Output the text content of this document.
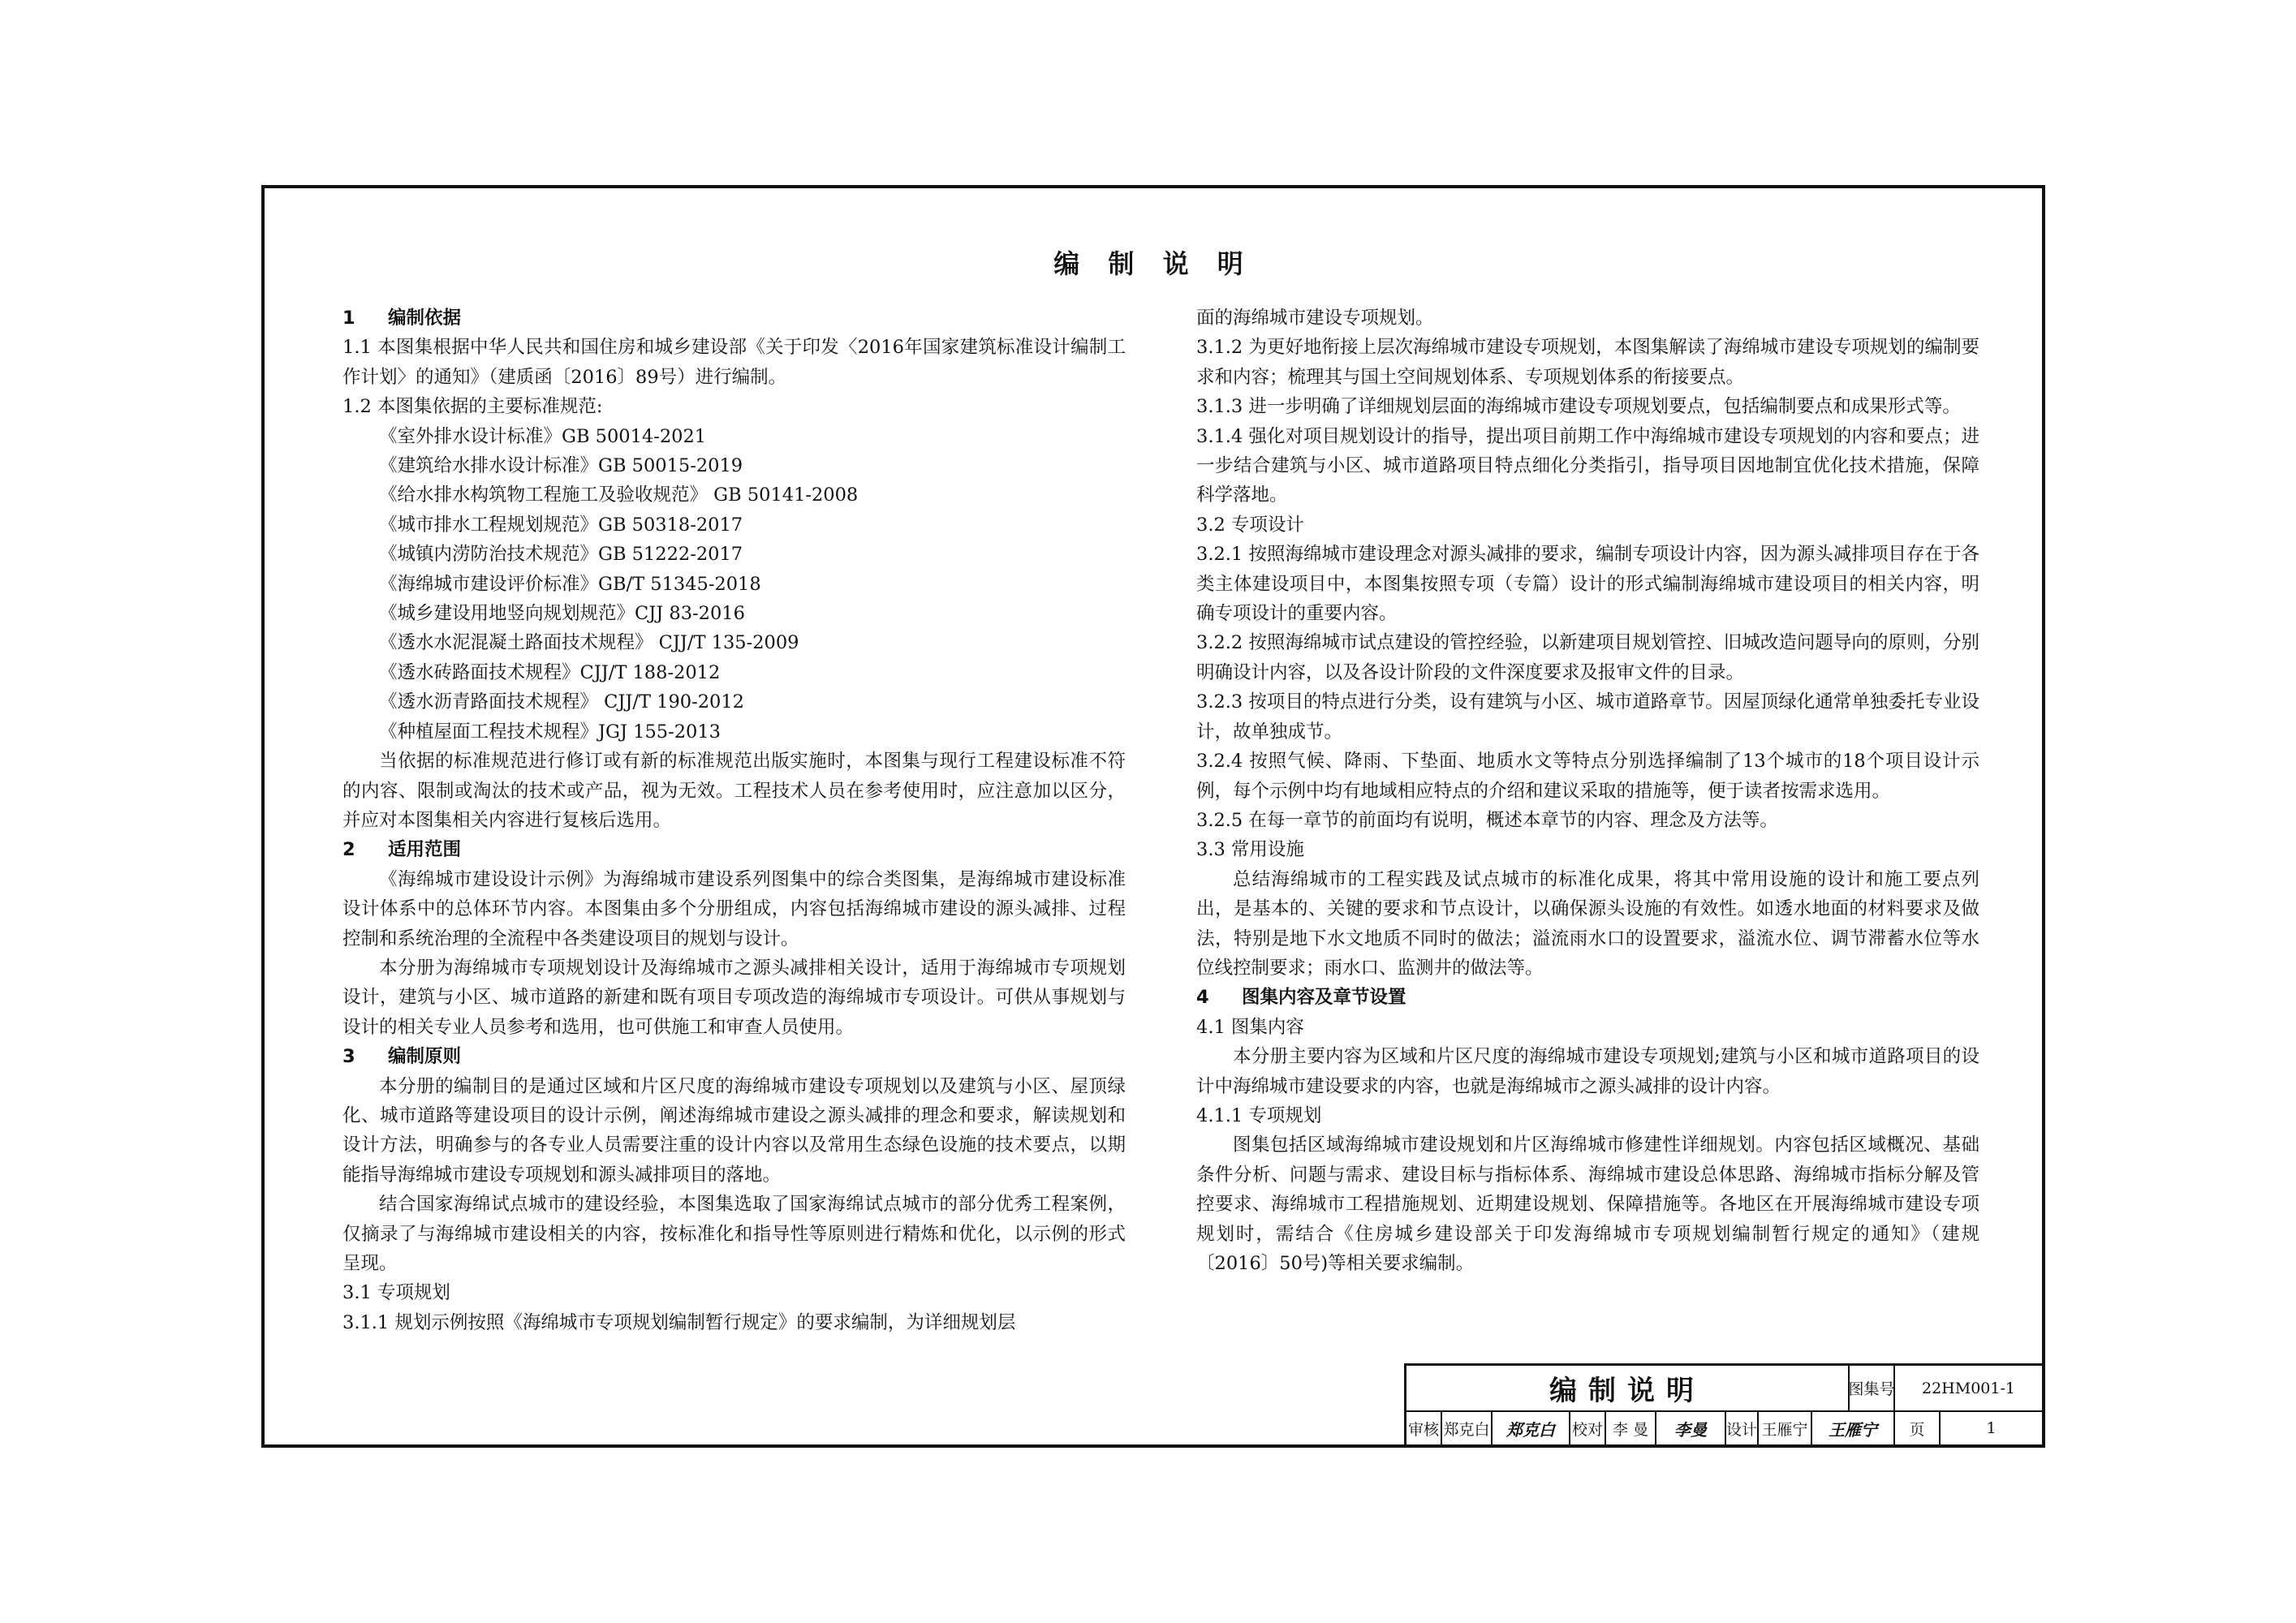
编 制 说 明

1 编制依据

1.1 本图集根据中华人民共和国住房和城乡建设部《关于印发〈2016年国家建筑标准设计编制工作计划〉的通知》（建质函〔2016〕89号）进行编制。

1.2 本图集依据的主要标准规范:

《室外排水设计标准》GB 50014-2021

《建筑给水排水设计标准》GB 50015-2019

《给水排水构筑物工程施工及验收规范》 GB 50141-2008

《城市排水工程规划规范》GB 50318-2017

《城镇内涝防治技术规范》GB 51222-2017

《海绵城市建设评价标准》GB/T 51345-2018

《城乡建设用地竖向规划规范》CJJ 83-2016

《透水水泥混凝土路面技术规程》 CJJ/T 135-2009

《透水砖路面技术规程》CJJ/T 188-2012

《透水沥青路面技术规程》 CJJ/T 190-2012

《种植屋面工程技术规程》JGJ 155-2013

当依据的标准规范进行修订或有新的标准规范出版实施时，本图集与现行工程建设标准不符的内容、限制或淘汰的技术或产品，视为无效。工程技术人员在参考使用时，应注意加以区分，并应对本图集相关内容进行复核后选用。

2 适用范围

《海绵城市建设设计示例》为海绵城市建设系列图集中的综合类图集，是海绵城市建设标准设计体系中的总体环节内容。本图集由多个分册组成，内容包括海绵城市建设的源头减排、过程控制和系统治理的全流程中各类建设项目的规划与设计。

本分册为海绵城市专项规划设计及海绵城市之源头减排相关设计，适用于海绵城市专项规划设计，建筑与小区、城市道路的新建和既有项目专项改造的海绵城市专项设计。可供从事规划与设计的相关专业人员参考和选用，也可供施工和审查人员使用。

3 编制原则

本分册的编制目的是通过区域和片区尺度的海绵城市建设专项规划以及建筑与小区、屋顶绿化、城市道路等建设项目的设计示例，阐述海绵城市建设之源头减排的理念和要求，解读规划和设计方法，明确参与的各专业人员需要注重的设计内容以及常用生态绿色设施的技术要点，以期能指导海绵城市建设专项规划和源头减排项目的落地。

结合国家海绵试点城市的建设经验，本图集选取了国家海绵试点城市的部分优秀工程案例，仅摘录了与海绵城市建设相关的内容，按标准化和指导性等原则进行精炼和优化，以示例的形式呈现。

3.1 专项规划

3.1.1 规划示例按照《海绵城市专项规划编制暂行规定》的要求编制，为详细规划层

面的海绵城市建设专项规划。

3.1.2 为更好地衔接上层次海绵城市建设专项规划，本图集解读了海绵城市建设专项规划的编制要求和内容；梳理其与国土空间规划体系、专项规划体系的衔接要点。

3.1.3 进一步明确了详细规划层面的海绵城市建设专项规划要点，包括编制要点和成果形式等。

3.1.4 强化对项目规划设计的指导，提出项目前期工作中海绵城市建设专项规划的内容和要点；进一步结合建筑与小区、城市道路项目特点细化分类指引，指导项目因地制宜优化技术措施，保障科学落地。

3.2 专项设计

3.2.1 按照海绵城市建设理念对源头减排的要求，编制专项设计内容，因为源头减排项目存在于各类主体建设项目中，本图集按照专项（专篇）设计的形式编制海绵城市建设项目的相关内容，明确专项设计的重要内容。

3.2.2 按照海绵城市试点建设的管控经验，以新建项目规划管控、旧城改造问题导向的原则，分别明确设计内容，以及各设计阶段的文件深度要求及报审文件的目录。

3.2.3 按项目的特点进行分类，设有建筑与小区、城市道路章节。因屋顶绿化通常单独委托专业设计，故单独成节。

3.2.4 按照气候、降雨、下垫面、地质水文等特点分别选择编制了13个城市的18个项目设计示例，每个示例中均有地域相应特点的介绍和建议采取的措施等，便于读者按需求选用。

3.2.5 在每一章节的前面均有说明，概述本章节的内容、理念及方法等。

3.3 常用设施

总结海绵城市的工程实践及试点城市的标准化成果，将其中常用设施的设计和施工要点列出，是基本的、关键的要求和节点设计，以确保源头设施的有效性。如透水地面的材料要求及做法，特别是地下水文地质不同时的做法；溢流雨水口的设置要求，溢流水位、调节滞蓄水位等水位线控制要求；雨水口、监测井的做法等。

4 图集内容及章节设置

4.1 图集内容

本分册主要内容为区域和片区尺度的海绵城市建设专项规划;建筑与小区和城市道路项目的设计中海绵城市建设要求的内容，也就是海绵城市之源头减排的设计内容。

4.1.1 专项规划

图集包括区域海绵城市建设规划和片区海绵城市修建性详细规划。内容包括区域概况、基础条件分析、问题与需求、建设目标与指标体系、海绵城市建设总体思路、海绵城市指标分解及管控要求、海绵城市工程措施规划、近期建设规划、保障措施等。各地区在开展海绵城市建设专项规划时，需结合《住房城乡建设部关于印发海绵城市专项规划编制暂行规定的通知》（建规〔2016〕50号)等相关要求编制。

编制说明	图集号	22HM001-1
审核 郑克白	郑克白	校对 李 曼	李曼	设计 王雁宁	王雁宁	页	1
